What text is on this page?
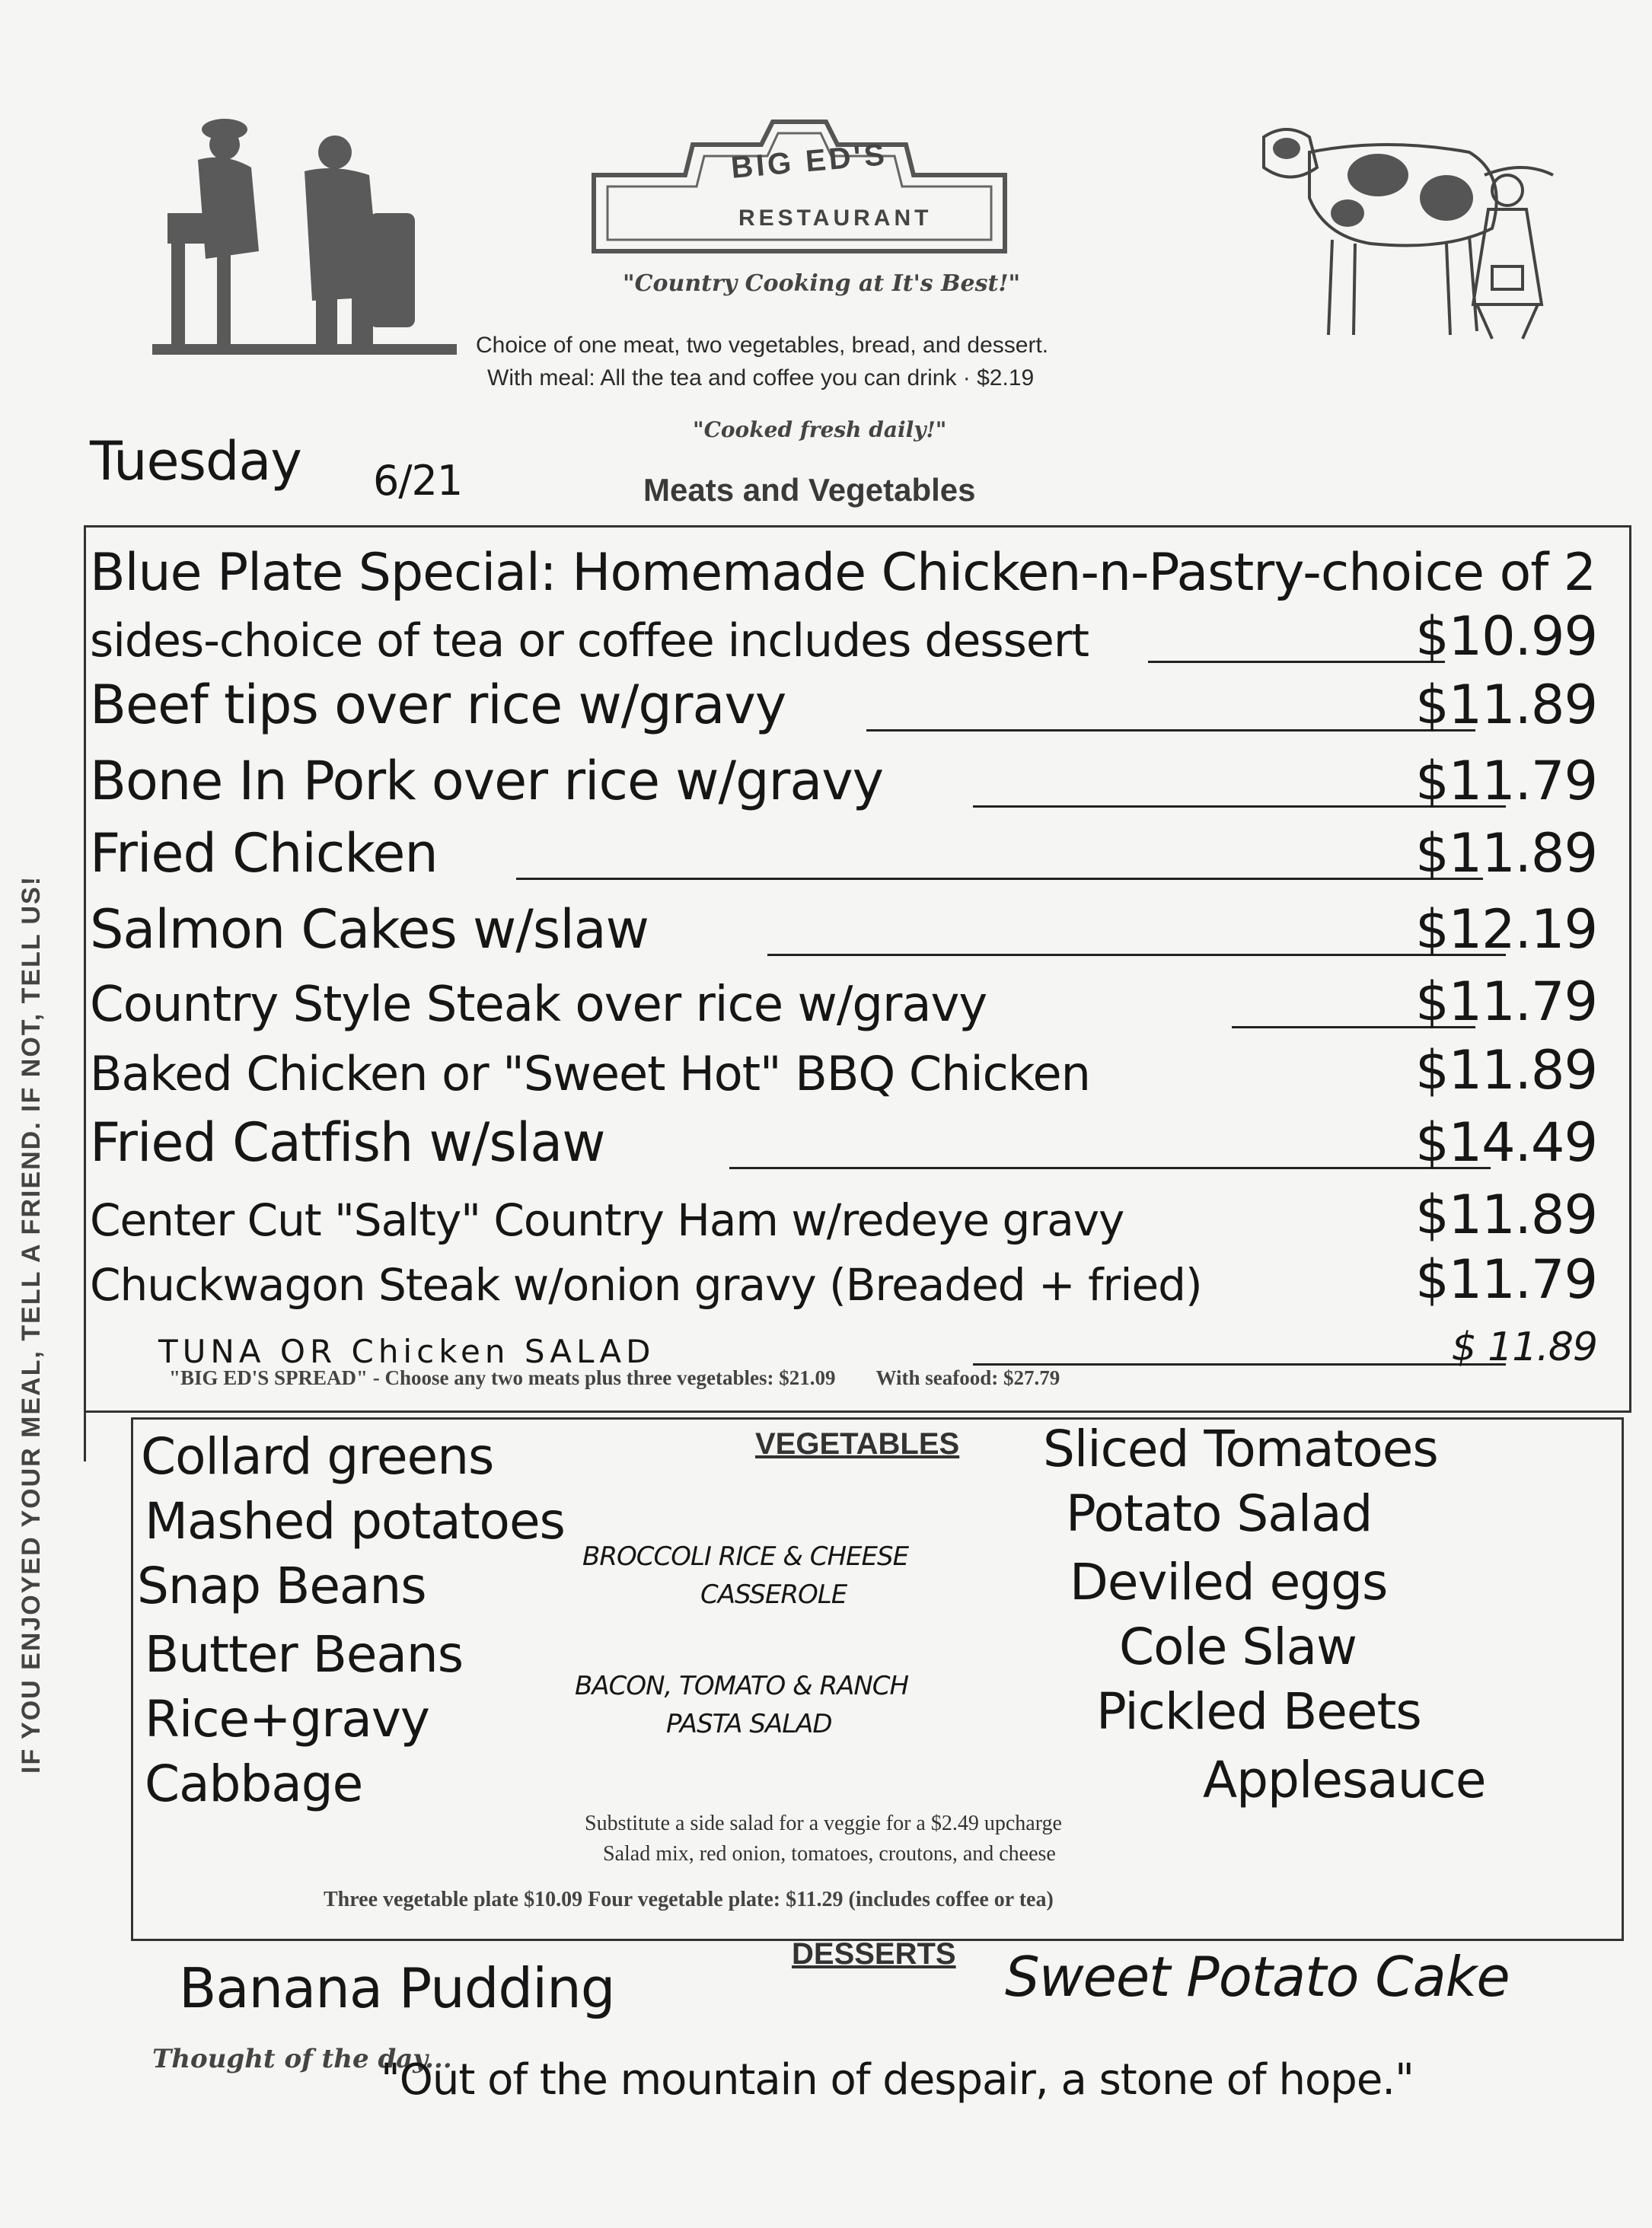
BIG ED'S
RESTAURANT
"Country Cooking at It's Best!"
Choice of one meat, two vegetables, bread, and dessert.
With meal: All the tea and coffee you can drink · $2.19
"Cooked fresh daily!"
Tuesday 6/21	Meats and Vegetables
IF YOU ENJOYED YOUR MEAL, TELL A FRIEND. IF NOT, TELL US!
Blue Plate Special: Homemade Chicken-n-Pastry-choice of 2
sides-choice of tea or coffee includes dessert	$10.99
Beef tips over rice w/gravy	$11.89
Bone In Pork over rice w/gravy	$11.79
Fried Chicken	$11.89
Salmon Cakes w/slaw	$12.19
Country Style Steak over rice w/gravy	$11.79
Baked Chicken or "Sweet Hot" BBQ Chicken	$11.89
Fried Catfish w/slaw	$14.49
Center Cut "Salty" Country Ham w/redeye gravy	$11.89
Chuckwagon Steak w/onion gravy (Breaded + fried)	$11.79
TUNA OR Chicken SALAD	$ 11.89
"BIG ED'S SPREAD" - Choose any two meats plus three vegetables: $21.09 With seafood: $27.79
VEGETABLES
Collard greens
Mashed potatoes
Snap Beans
Butter Beans
Rice+gravy
Cabbage
BROCCOLI RICE & CHEESE
CASSEROLE
BACON, TOMATO & RANCH
PASTA SALAD
Sliced Tomatoes
Potato Salad
Deviled eggs
Cole Slaw
Pickled Beets
Applesauce
Substitute a side salad for a veggie for a $2.49 upcharge
Salad mix, red onion, tomatoes, croutons, and cheese
Three vegetable plate $10.09 Four vegetable plate: $11.29 (includes coffee or tea)
DESSERTS
Banana Pudding	Sweet Potato Cake
Thought of the day...
"Out of the mountain of despair, a stone of hope."
